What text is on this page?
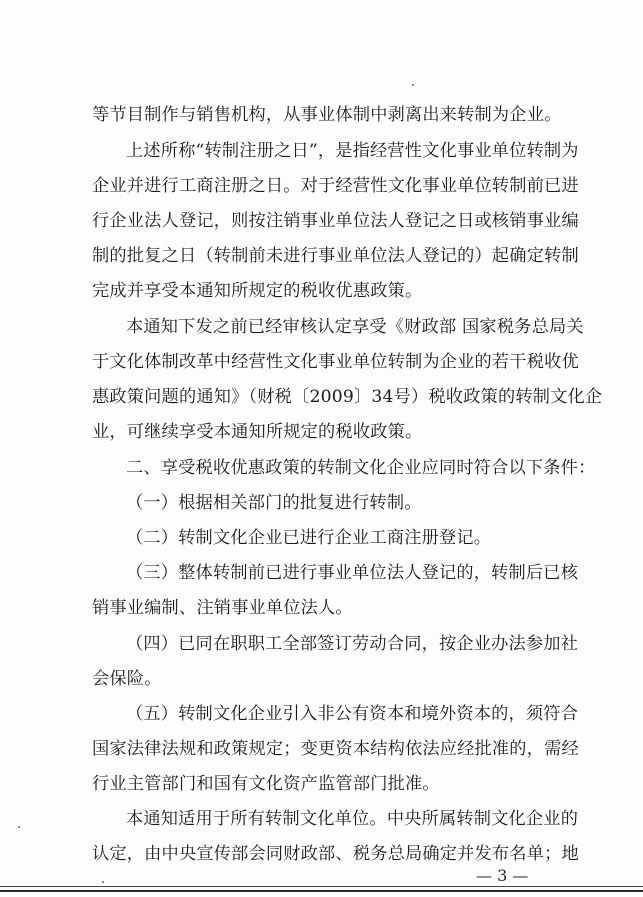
等节目制作与销售机构，从事业体制中剥离出来转制为企业。
上述所称“转制注册之日”，是指经营性文化事业单位转制为
企业并进行工商注册之日。对于经营性文化事业单位转制前已进
行企业法人登记，则按注销事业单位法人登记之日或核销事业编
制的批复之日（转制前未进行事业单位法人登记的）起确定转制
完成并享受本通知所规定的税收优惠政策。
本通知下发之前已经审核认定享受《财政部 国家税务总局关
于文化体制改革中经营性文化事业单位转制为企业的若干税收优
惠政策问题的通知》（财税〔2009〕34号）税收政策的转制文化企
业，可继续享受本通知所规定的税收政策。
二、享受税收优惠政策的转制文化企业应同时符合以下条件：
（一）根据相关部门的批复进行转制。
（二）转制文化企业已进行企业工商注册登记。
（三）整体转制前已进行事业单位法人登记的，转制后已核
销事业编制、注销事业单位法人。
（四）已同在职职工全部签订劳动合同，按企业办法参加社
会保险。
（五）转制文化企业引入非公有资本和境外资本的，须符合
国家法律法规和政策规定；变更资本结构依法应经批准的，需经
行业主管部门和国有文化资产监管部门批准。
本通知适用于所有转制文化单位。中央所属转制文化企业的
认定，由中央宣传部会同财政部、税务总局确定并发布名单；地
— 3 —
